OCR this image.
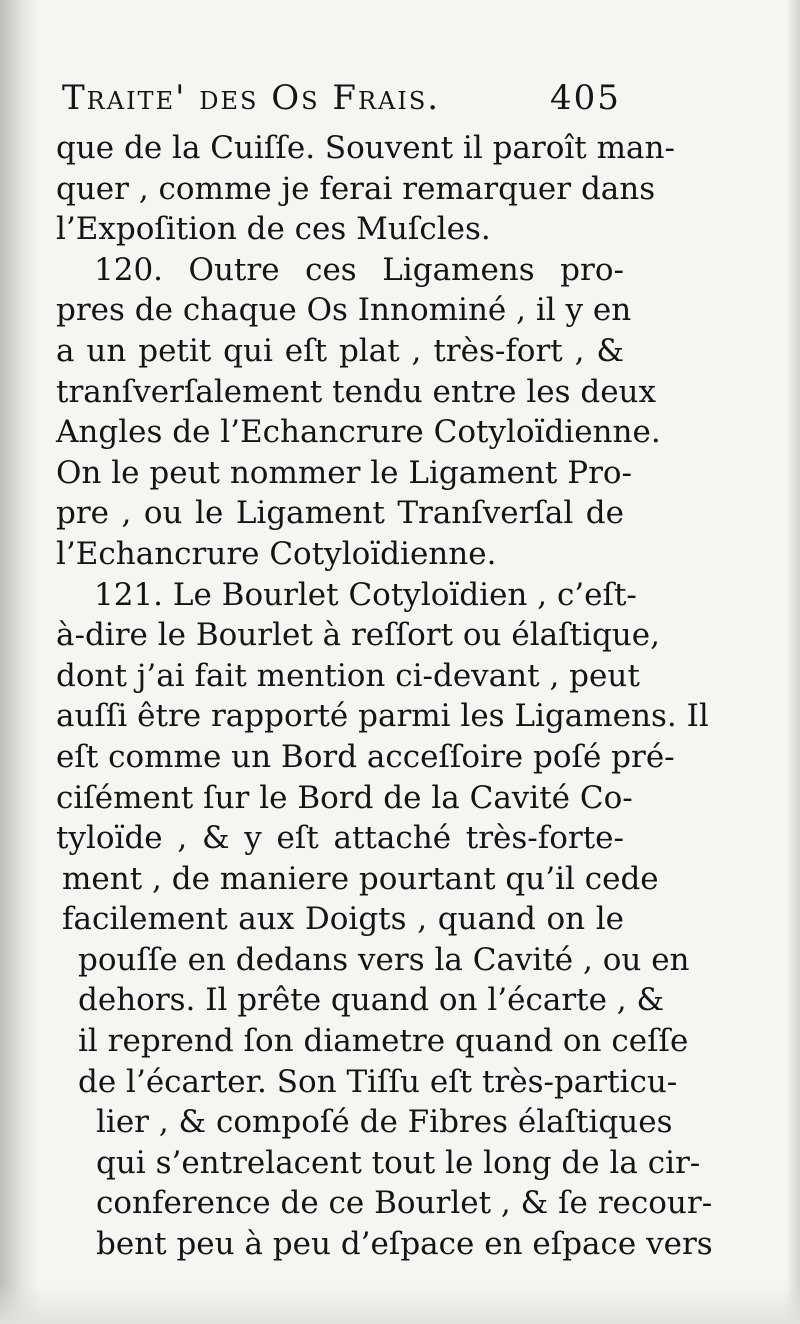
Traite' des Os Frais.	405
que de la Cuiſſe. Souvent il paroît man-
quer , comme je ferai remarquer dans
l’Expoſition de ces Muſcles.
120. Outre ces Ligamens pro-
pres de chaque Os Innominé , il y en
a un petit qui eſt plat , très-fort , &
tranſverſalement tendu entre les deux
Angles de l’Echancrure Cotyloïdienne.
On le peut nommer le Ligament Pro-
pre , ou le Ligament Tranſverſal de
l’Echancrure Cotyloïdienne.
121. Le Bourlet Cotyloïdien , c’eſt-
à-dire le Bourlet à reſſort ou élaſtique,
dont j’ai fait mention ci-devant , peut
auſſi être rapporté parmi les Ligamens. Il
eſt comme un Bord acceſſoire poſé pré-
ciſément ſur le Bord de la Cavité Co-
tyloïde , & y eſt attaché très-forte-
ment , de maniere pourtant qu’il cede
facilement aux Doigts , quand on le
pouſſe en dedans vers la Cavité , ou en
dehors. Il prête quand on l’écarte , &
il reprend ſon diametre quand on ceſſe
de l’écarter. Son Tiſſu eſt très-particu-
lier , & compoſé de Fibres élaſtiques
qui s’entrelacent tout le long de la cir-
conference de ce Bourlet , & ſe recour-
bent peu à peu d’eſpace en eſpace vers
